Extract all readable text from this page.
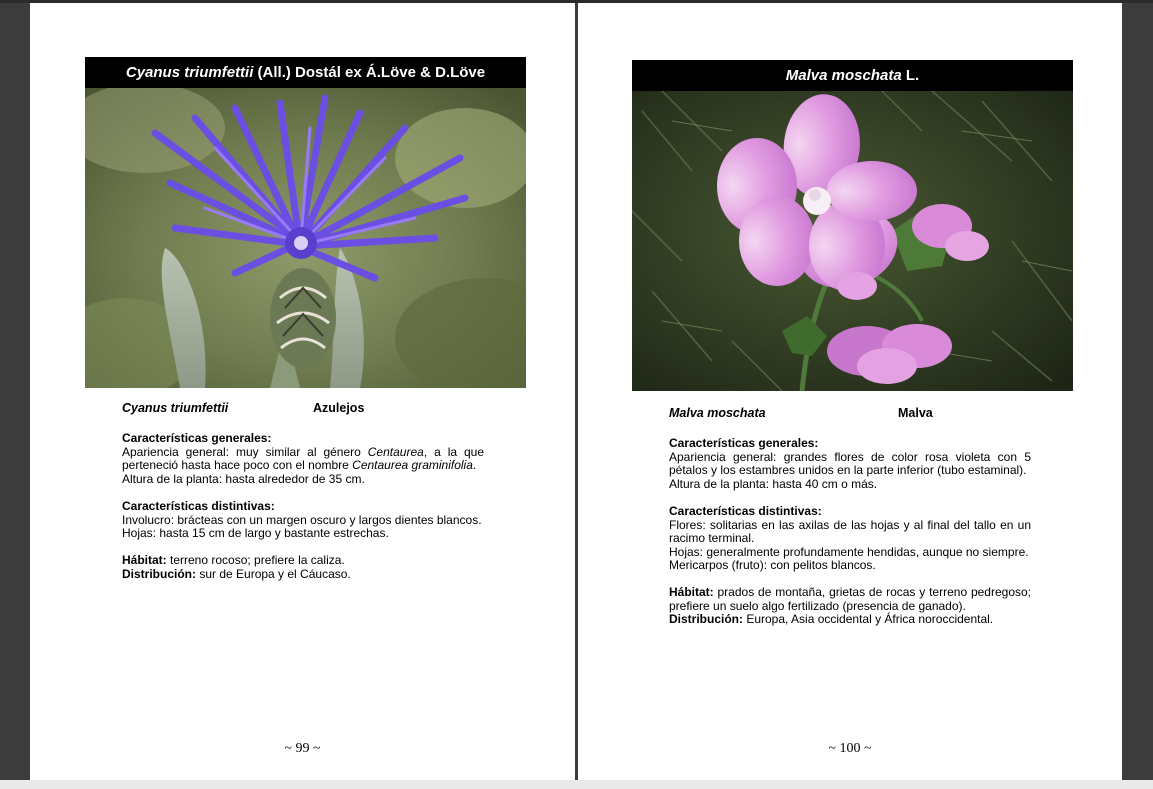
Cyanus triumfettii (All.) Dostál ex Á.Löve & D.Löve
Cyanus triumfettii	Azulejos
Características generales:
Apariencia general: muy similar al género Centaurea, a la que perteneció hasta hace poco con el nombre Centaurea graminifolia.
Altura de la planta: hasta alrededor de 35 cm.
Características distintivas:
Involucro: brácteas con un margen oscuro y largos dientes blancos.
Hojas: hasta 15 cm de largo y bastante estrechas.
Hábitat: terreno rocoso; prefiere la caliza.
Distribución: sur de Europa y el Cáucaso.
~ 99 ~
Malva moschata L.
Malva moschata	Malva
Características generales:
Apariencia general: grandes flores de color rosa violeta con 5 pétalos y los estambres unidos en la parte inferior (tubo estaminal).
Altura de la planta: hasta 40 cm o más.
Características distintivas:
Flores: solitarias en las axilas de las hojas y al final del tallo en un racimo terminal.
Hojas: generalmente profundamente hendidas, aunque no siempre.
Mericarpos (fruto): con pelitos blancos.
Hábitat: prados de montaña, grietas de rocas y terreno pedregoso; prefiere un suelo algo fertilizado (presencia de ganado).
Distribución: Europa, Asia occidental y África noroccidental.
~ 100 ~
